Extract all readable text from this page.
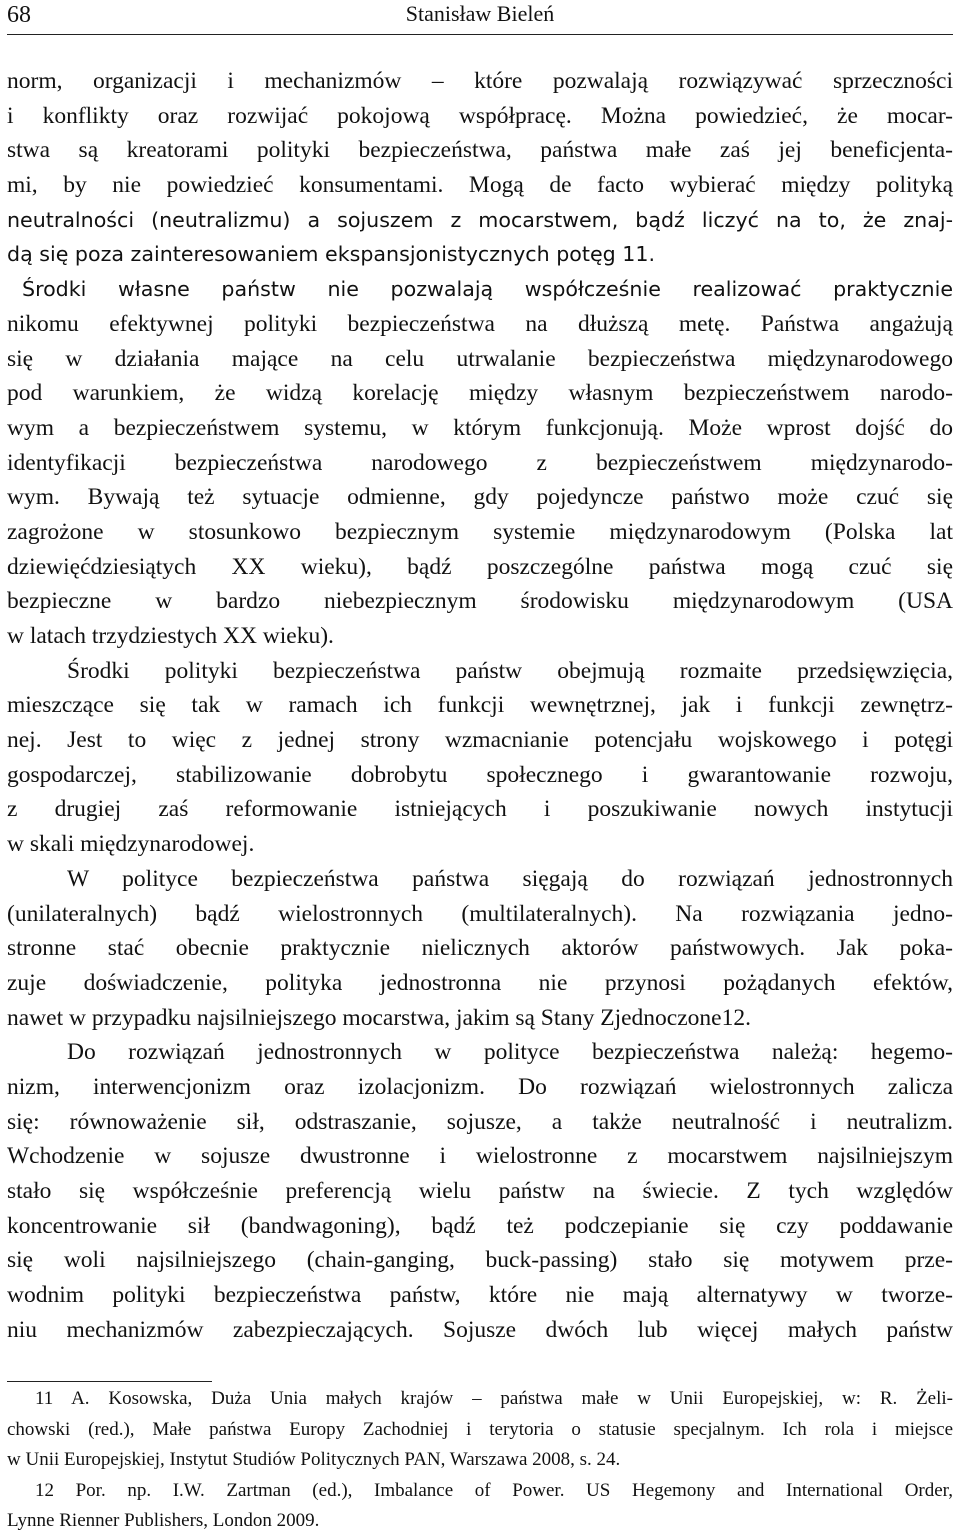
68	Stanisław Bieleń
norm, organizacji i mechanizmów – które pozwalają rozwiązywać sprzeczności
i konflikty oraz rozwijać pokojową współpracę. Można powiedzieć, że mocar-
stwa są kreatorami polityki bezpieczeństwa, państwa małe zaś jej beneficjenta-
mi, by nie powiedzieć konsumentami. Mogą de facto wybierać między polityką
neutralności (neutralizmu) a sojuszem z mocarstwem, bądź liczyć na to, że znaj-
dą się poza zainteresowaniem ekspansjonistycznych potęg 11.
Środki własne państw nie pozwalają współcześnie realizować praktycznie
nikomu efektywnej polityki bezpieczeństwa na dłuższą metę. Państwa angażują
się w działania mające na celu utrwalanie bezpieczeństwa międzynarodowego
pod warunkiem, że widzą korelację między własnym bezpieczeństwem narodo-
wym a bezpieczeństwem systemu, w którym funkcjonują. Może wprost dojść do
identyfikacji bezpieczeństwa narodowego z bezpieczeństwem międzynarodo-
wym. Bywają też sytuacje odmienne, gdy pojedyncze państwo może czuć się
zagrożone w stosunkowo bezpiecznym systemie międzynarodowym (Polska lat
dziewięćdziesiątych XX wieku), bądź poszczególne państwa mogą czuć się
bezpieczne w bardzo niebezpiecznym środowisku międzynarodowym (USA
w latach trzydziestych XX wieku).
Środki polityki bezpieczeństwa państw obejmują rozmaite przedsięwzięcia,
mieszczące się tak w ramach ich funkcji wewnętrznej, jak i funkcji zewnętrz-
nej. Jest to więc z jednej strony wzmacnianie potencjału wojskowego i potęgi
gospodarczej, stabilizowanie dobrobytu społecznego i gwarantowanie rozwoju,
z drugiej zaś reformowanie istniejących i poszukiwanie nowych instytucji
w skali międzynarodowej.
W polityce bezpieczeństwa państwa sięgają do rozwiązań jednostronnych
(unilateralnych) bądź wielostronnych (multilateralnych). Na rozwiązania jedno-
stronne stać obecnie praktycznie nielicznych aktorów państwowych. Jak poka-
zuje doświadczenie, polityka jednostronna nie przynosi pożądanych efektów,
nawet w przypadku najsilniejszego mocarstwa, jakim są Stany Zjednoczone12.
Do rozwiązań jednostronnych w polityce bezpieczeństwa należą: hegemo-
nizm, interwencjonizm oraz izolacjonizm. Do rozwiązań wielostronnych zalicza
się: równoważenie sił, odstraszanie, sojusze, a także neutralność i neutralizm.
Wchodzenie w sojusze dwustronne i wielostronne z mocarstwem najsilniejszym
stało się współcześnie preferencją wielu państw na świecie. Z tych względów
koncentrowanie sił (bandwagoning), bądź też podczepianie się czy poddawanie
się woli najsilniejszego (chain-ganging, buck-passing) stało się motywem prze-
wodnim polityki bezpieczeństwa państw, które nie mają alternatywy w tworze-
niu mechanizmów zabezpieczających. Sojusze dwóch lub więcej małych państw
11 A. Kosowska, Duża Unia małych krajów – państwa małe w Unii Europejskiej, w: R. Żeli-
chowski (red.), Małe państwa Europy Zachodniej i terytoria o statusie specjalnym. Ich rola i miejsce
w Unii Europejskiej, Instytut Studiów Politycznych PAN, Warszawa 2008, s. 24.
12 Por. np. I.W. Zartman (ed.), Imbalance of Power. US Hegemony and International Order,
Lynne Rienner Publishers, London 2009.
